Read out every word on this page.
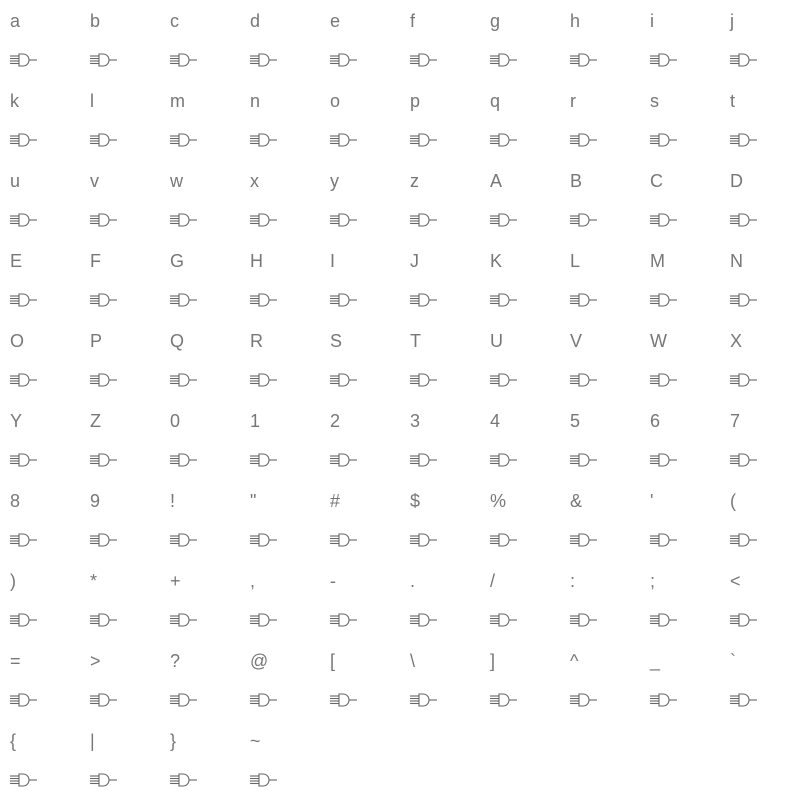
a	b	c	d	e	f	g	h	i	j
k	l	m	n	o	p	q	r	s	t
u	v	w	x	y	z	A	B	C	D
E	F	G	H	I	J	K	L	M	N
O	P	Q	R	S	T	U	V	W	X
Y	Z	0	1	2	3	4	5	6	7
8	9	!	"	#	$	%	&	'	(
)	*	+	,	-	.	/	:	;	<
=	>	?	@	[	\	]	^	_	`
{	|	}	~
